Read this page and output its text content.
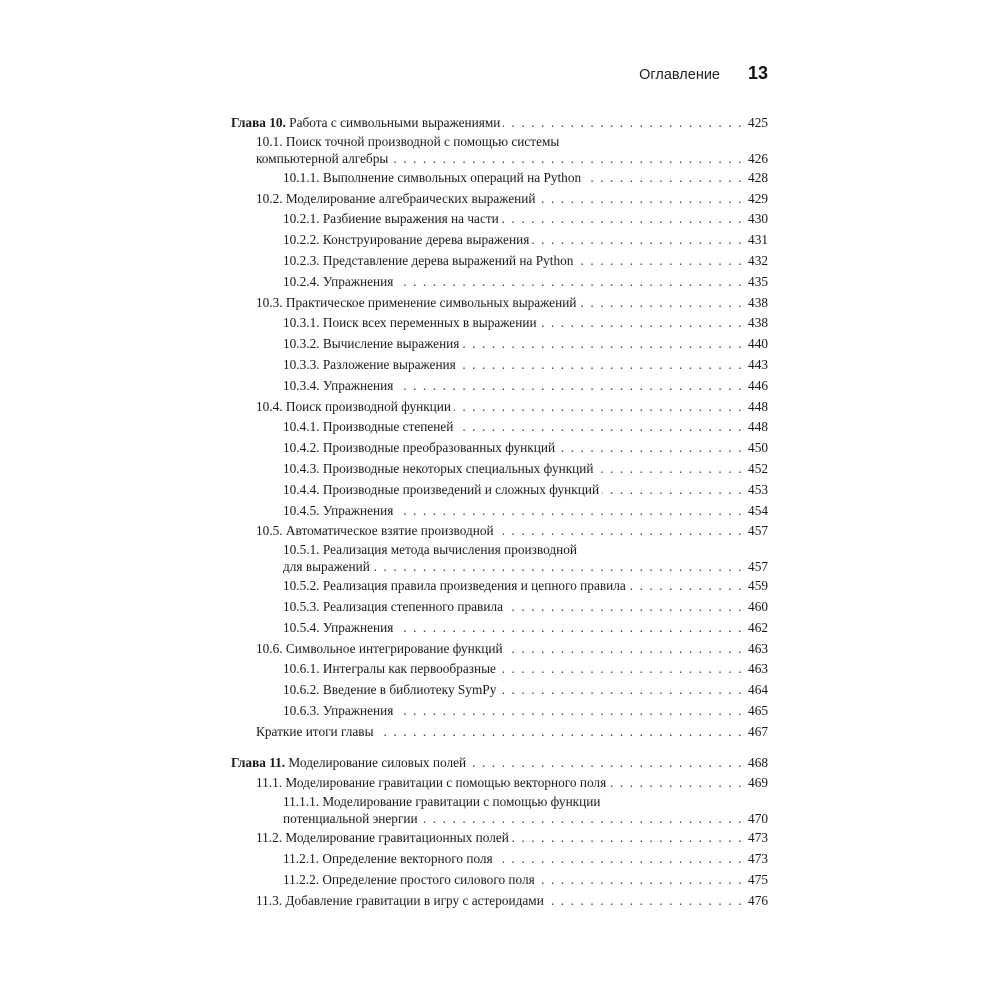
Оглавление 13
Глава 10. Работа с символьными выражениями . . .	425
10.1. Поиск точной производной с помощью системы
компьютерной алгебры . . .	426
10.1.1. Выполнение символьных операций на Python . . .	428
10.2. Моделирование алгебраических выражений . . .	429
10.2.1. Разбиение выражения на части . . .	430
10.2.2. Конструирование дерева выражения . . .	431
10.2.3. Представление дерева выражений на Python . . .	432
10.2.4. Упражнения . . .	435
10.3. Практическое применение символьных выражений . . .	438
10.3.1. Поиск всех переменных в выражении . . .	438
10.3.2. Вычисление выражения . . .	440
10.3.3. Разложение выражения . . .	443
10.3.4. Упражнения . . .	446
10.4. Поиск производной функции . . .	448
10.4.1. Производные степеней . . .	448
10.4.2. Производные преобразованных функций . . .	450
10.4.3. Производные некоторых специальных функций . . .	452
10.4.4. Производные произведений и сложных функций . . .	453
10.4.5. Упражнения . . .	454
10.5. Автоматическое взятие производной . . .	457
10.5.1. Реализация метода вычисления производной
для выражений . . .	457
10.5.2. Реализация правила произведения и цепного правила . . .	459
10.5.3. Реализация степенного правила . . .	460
10.5.4. Упражнения . . .	462
10.6. Символьное интегрирование функций . . .	463
10.6.1. Интегралы как первообразные . . .	463
10.6.2. Введение в библиотеку SymPy . . .	464
10.6.3. Упражнения . . .	465
Краткие итоги главы . . .	467
Глава 11. Моделирование силовых полей . . .	468
11.1. Моделирование гравитации с помощью векторного поля . . .	469
11.1.1. Моделирование гравитации с помощью функции
потенциальной энергии . . .	470
11.2. Моделирование гравитационных полей . . .	473
11.2.1. Определение векторного поля . . .	473
11.2.2. Определение простого силового поля . . .	475
11.3. Добавление гравитации в игру с астероидами . . .	476
